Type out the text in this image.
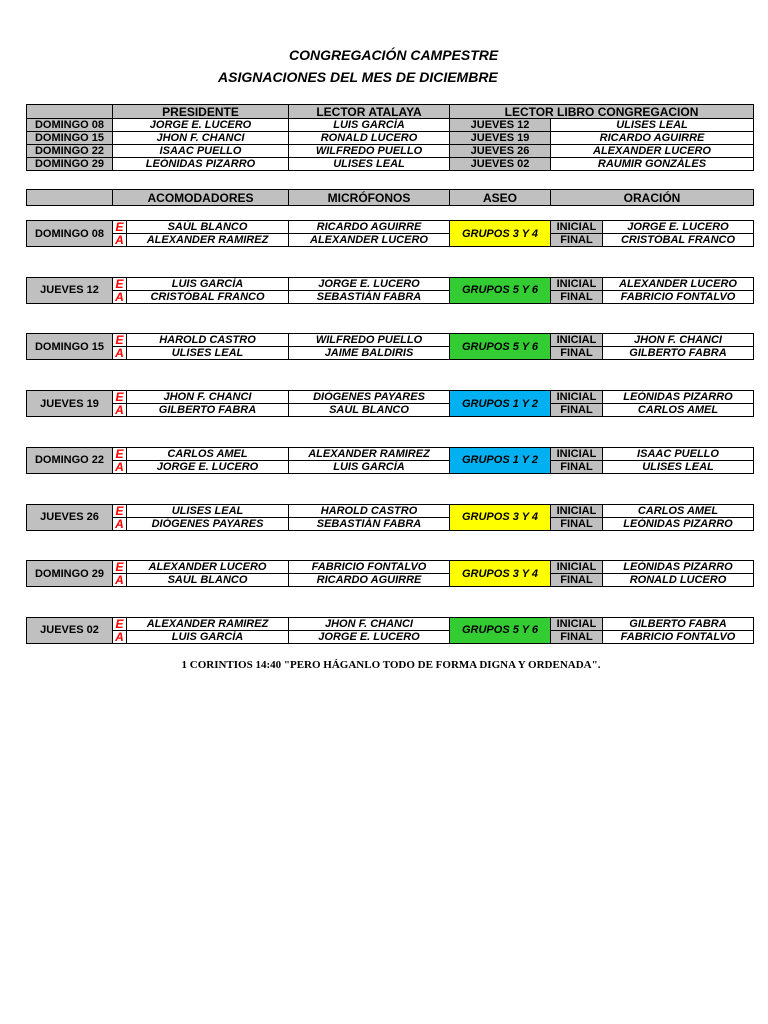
CONGREGACIÓN CAMPESTRE
ASIGNACIONES DEL MES DE DICIEMBRE
	PRESIDENTE	LECTOR ATALAYA	LECTOR LIBRO CONGREGACION	
DOMINGO 08	JORGE E. LUCERO	LUIS GARCÍA	JUEVES 12	ULISES LEAL
DOMINGO 15	JHON F. CHANCI	RONALD LUCERO	JUEVES 19	RICARDO AGUIRRE
DOMINGO 22	ISAAC PUELLO	WILFREDO PUELLO	JUEVES 26	ALEXANDER LUCERO
DOMINGO 29	LEÓNIDAS PIZARRO	ULISES LEAL	JUEVES 02	RAUMIR GONZÁLES
	ACOMODADORES	MICRÓFONOS	ASEO	ORACIÓN
DOMINGO 08	E	SAÚL BLANCO	RICARDO AGUIRRE	GRUPOS 3 Y 4	INICIAL	JORGE E. LUCERO
	A	ALEXANDER RAMIREZ	ALEXANDER LUCERO		FINAL	CRISTÓBAL FRANCO
JUEVES 12	E	LUIS GARCÍA	JORGE E. LUCERO	GRUPOS 5 Y 6	INICIAL	ALEXANDER LUCERO
	A	CRISTÓBAL FRANCO	SEBASTIÁN FABRA		FINAL	FABRICIO FONTALVO
DOMINGO 15	E	HAROLD CASTRO	WILFREDO PUELLO	GRUPOS 5 Y 6	INICIAL	JHON F. CHANCI
	A	ULISES LEAL	JAIME BALDIRIS		FINAL	GILBERTO FABRA
JUEVES 19	E	JHON F. CHANCI	DIÓGENES PAYARES	GRUPOS 1 Y 2	INICIAL	LEÓNIDAS PIZARRO
	A	GILBERTO FABRA	SAÚL BLANCO		FINAL	CARLOS AMEL
DOMINGO 22	E	CARLOS AMEL	ALEXANDER RAMIREZ	GRUPOS 1 Y 2	INICIAL	ISAAC PUELLO
	A	JORGE E. LUCERO	LUIS GARCÍA		FINAL	ULISES LEAL
JUEVES 26	E	ULISES LEAL	HAROLD CASTRO	GRUPOS 3 Y 4	INICIAL	CARLOS AMEL
	A	DIÓGENES PAYARES	SEBASTIÁN FABRA		FINAL	LEÓNIDAS PIZARRO
DOMINGO 29	E	ALEXANDER LUCERO	FABRICIO FONTALVO	GRUPOS 3 Y 4	INICIAL	LEÓNIDAS PIZARRO
	A	SAÚL BLANCO	RICARDO AGUIRRE		FINAL	RONALD LUCERO
JUEVES 02	E	ALEXANDER RAMIREZ	JHON F. CHANCI	GRUPOS 5 Y 6	INICIAL	GILBERTO FABRA
	A	LUIS GARCÍA	JORGE E. LUCERO		FINAL	FABRICIO FONTALVO
1 CORINTIOS 14:40 "PERO HÁGANLO TODO DE FORMA DIGNA Y ORDENADA".
